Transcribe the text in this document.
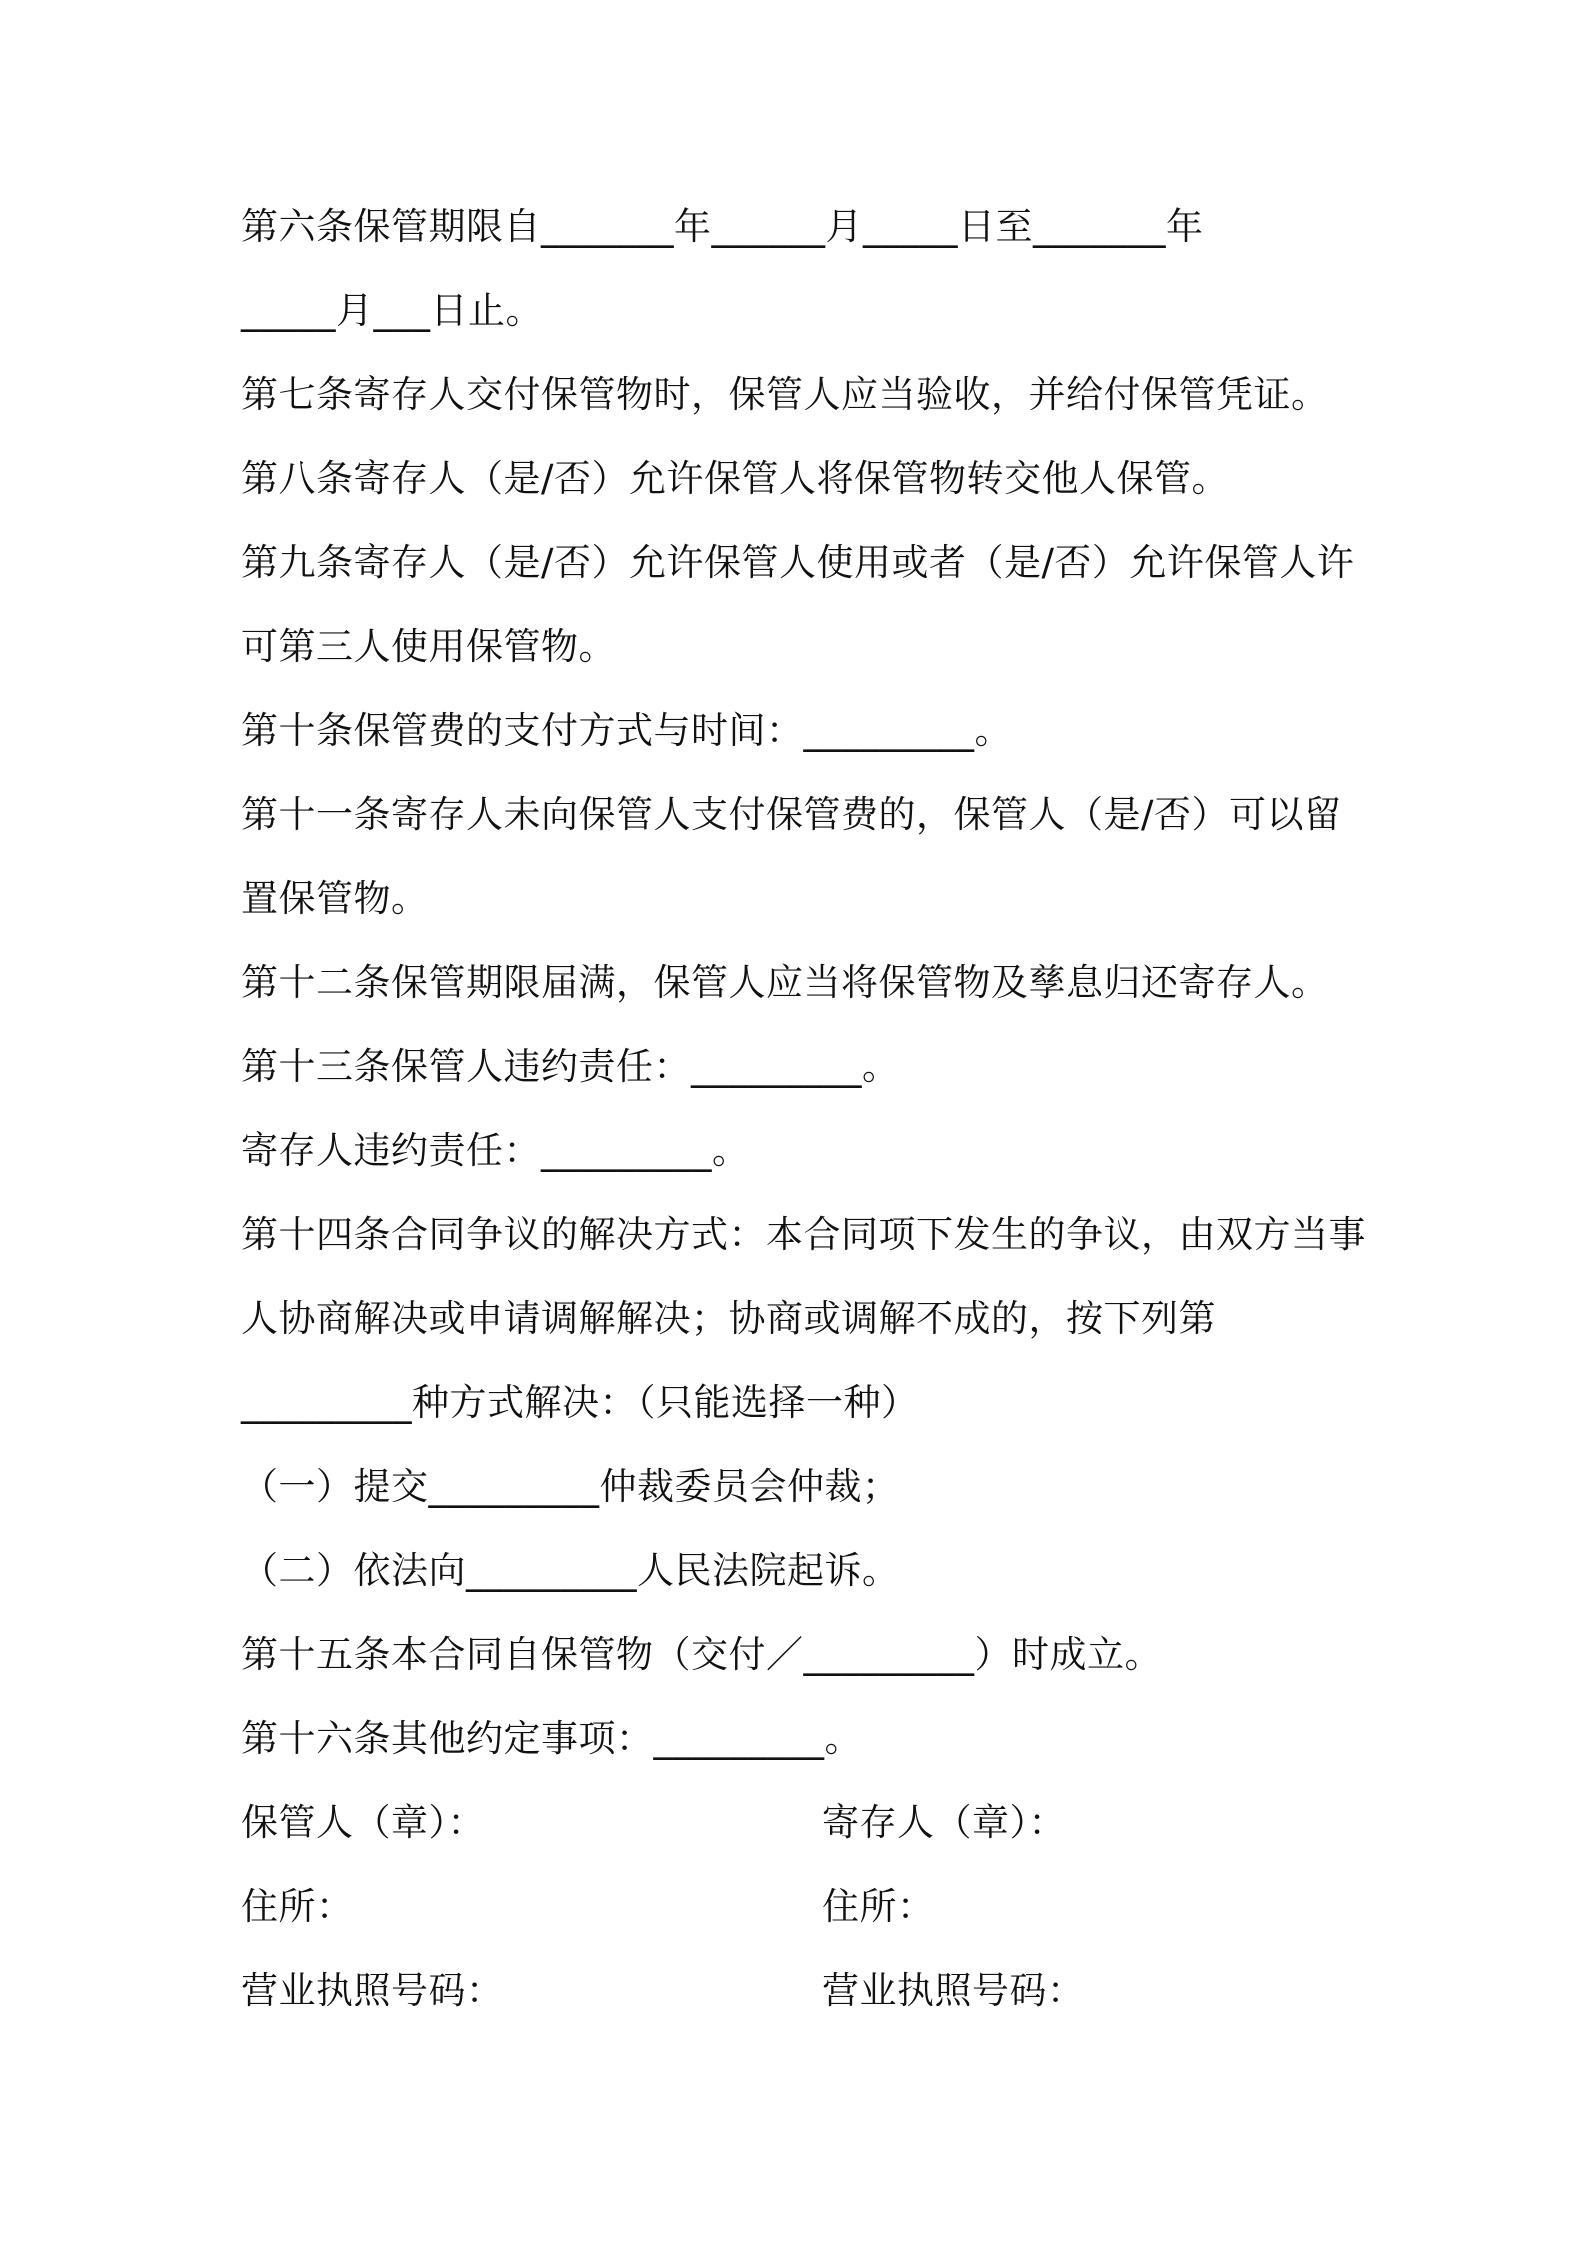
第六条保管期限自_______年______月_____日至_______年
_____月___日止。
第七条寄存人交付保管物时，保管人应当验收，并给付保管凭证。
第八条寄存人（是/否）允许保管人将保管物转交他人保管。
第九条寄存人（是/否）允许保管人使用或者（是/否）允许保管人许
可第三人使用保管物。
第十条保管费的支付方式与时间：_________。
第十一条寄存人未向保管人支付保管费的，保管人（是/否）可以留
置保管物。
第十二条保管期限届满，保管人应当将保管物及孳息归还寄存人。
第十三条保管人违约责任：_________。
寄存人违约责任：_________。
第十四条合同争议的解决方式：本合同项下发生的争议，由双方当事
人协商解决或申请调解解决；协商或调解不成的，按下列第
_________种方式解决：（只能选择一种）
（一）提交_________仲裁委员会仲裁；
（二）依法向_________人民法院起诉。
第十五条本合同自保管物（交付／_________）时成立。
第十六条其他约定事项：_________。
保管人（章）：	寄存人（章）：
住所：	住所：
营业执照号码：	营业执照号码：
